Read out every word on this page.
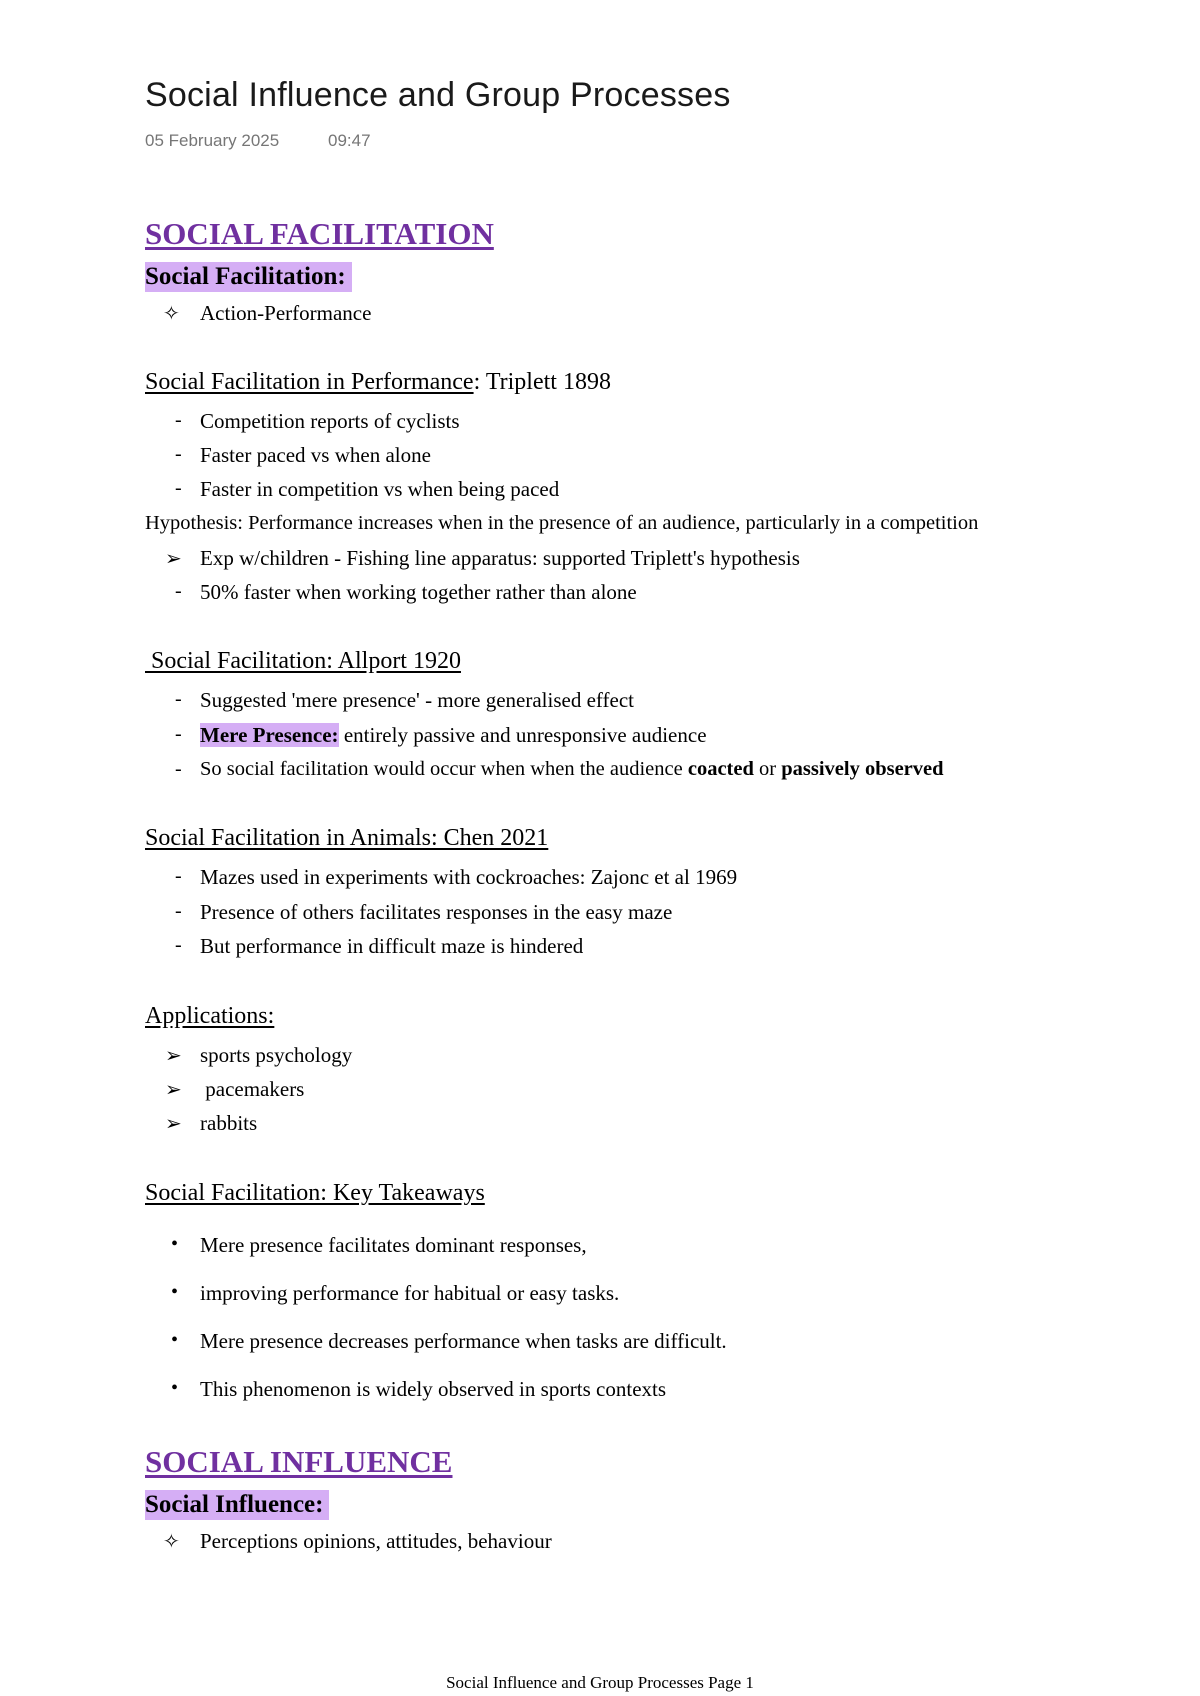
Social Influence and Group Processes
05 February 2025	09:47
SOCIAL FACILITATION
Social Facilitation:
✧ Action-Performance
Social Facilitation in Performance: Triplett 1898
- Competition reports of cyclists
- Faster paced vs when alone
- Faster in competition vs when being paced
Hypothesis: Performance increases when in the presence of an audience, particularly in a competition
➢ Exp w/children - Fishing line apparatus: supported Triplett's hypothesis
- 50% faster when working together rather than alone
Social Facilitation: Allport 1920
- Suggested 'mere presence' - more generalised effect
- Mere Presence: entirely passive and unresponsive audience
- So social facilitation would occur when when the audience coacted or passively observed
Social Facilitation in Animals: Chen 2021
- Mazes used in experiments with cockroaches: Zajonc et al 1969
- Presence of others facilitates responses in the easy maze
- But performance in difficult maze is hindered
Applications:
➢ sports psychology
➢ pacemakers
➢ rabbits
Social Facilitation: Key Takeaways
• Mere presence facilitates dominant responses,
• improving performance for habitual or easy tasks.
• Mere presence decreases performance when tasks are difficult.
• This phenomenon is widely observed in sports contexts
SOCIAL INFLUENCE
Social Influence:
✧ Perceptions opinions, attitudes, behaviour
Social Influence and Group Processes Page 1
